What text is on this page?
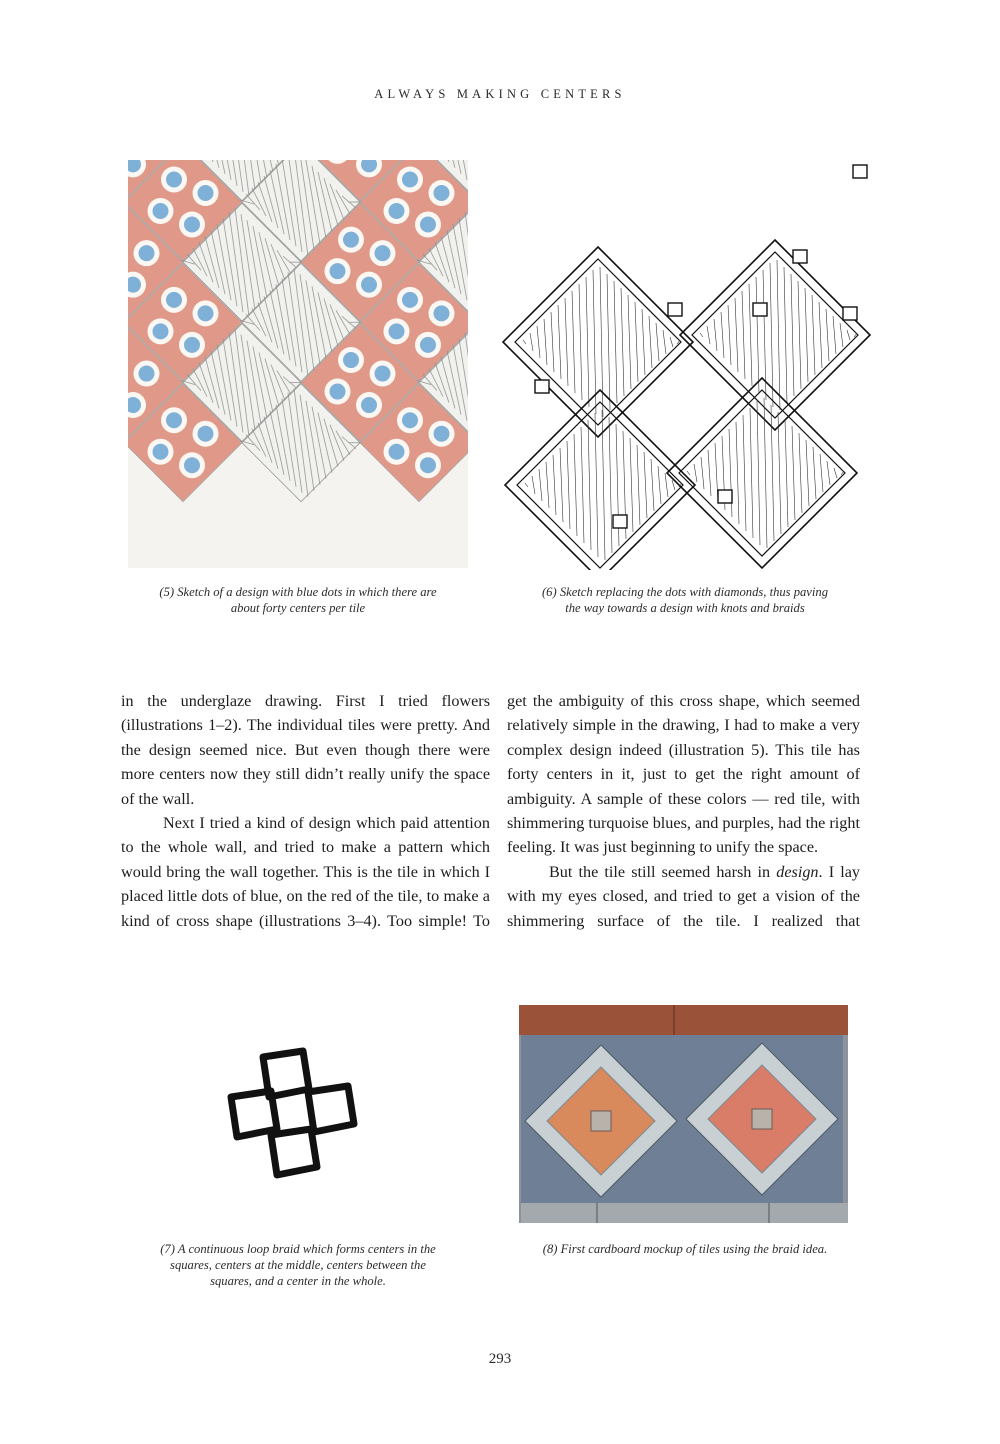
ALWAYS MAKING CENTERS
(5) Sketch of a design with blue dots in which there are
about forty centers per tile
(6) Sketch replacing the dots with diamonds, thus paving
the way towards a design with knots and braids

in the underglaze drawing. First I tried flowers (illustrations 1–2). The individual tiles were pretty. And the design seemed nice. But even though there were more centers now they still didn’t really unify the space of the wall.

Next I tried a kind of design which paid attention to the whole wall, and tried to make a pattern which would bring the wall together. This is the tile in which I placed little dots of blue, on the red of the tile, to make a kind of cross shape (illustrations 3–4). Too simple! To

get the ambiguity of this cross shape, which seemed relatively simple in the drawing, I had to make a very complex design indeed (illustration 5). This tile has forty centers in it, just to get the right amount of ambiguity. A sample of these colors — red tile, with shimmering turquoise blues, and purples, had the right feeling. It was just beginning to unify the space.

But the tile still seemed harsh in design. I lay with my eyes closed, and tried to get a vision of the shimmering surface of the tile. I realized that

(7) A continuous loop braid which forms centers in the
squares, centers at the middle, centers between the
squares, and a center in the whole.
(8) First cardboard mockup of tiles using the braid idea.
293
